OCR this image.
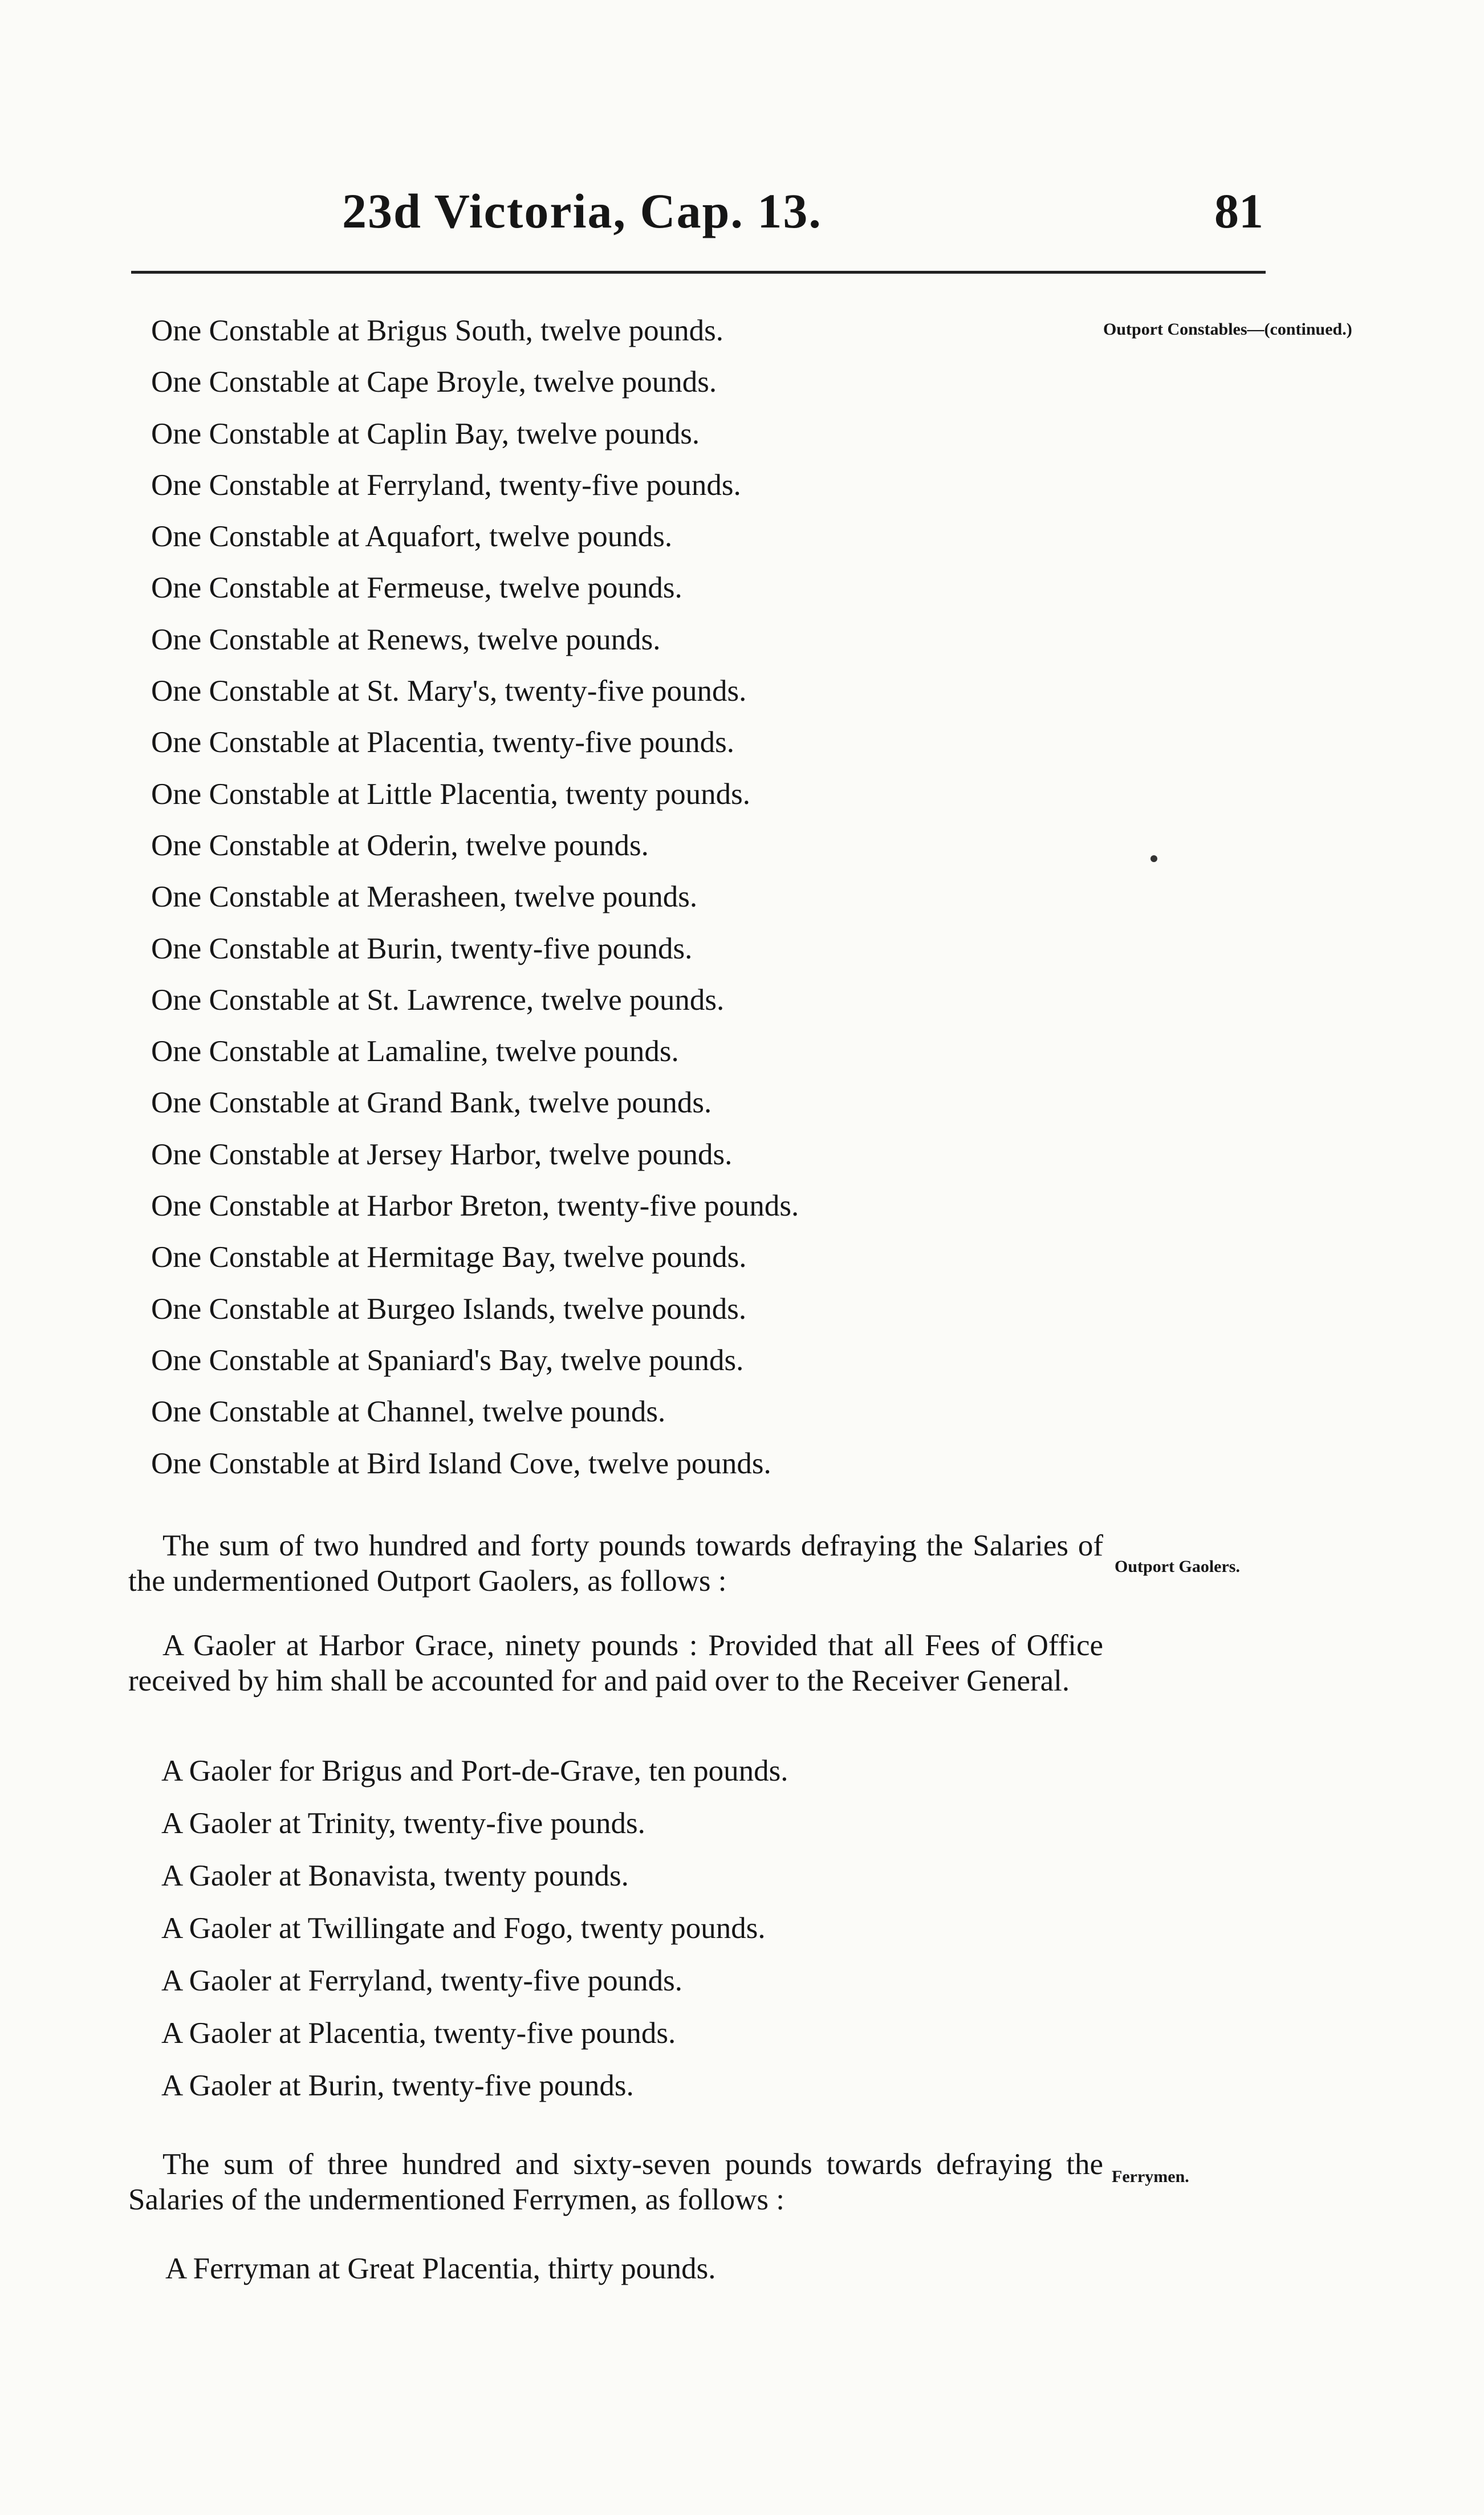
23d Victoria, Cap. 13.	81
Outport Constables—(continued.)
One Constable at Brigus South, twelve pounds.
One Constable at Cape Broyle, twelve pounds.
One Constable at Caplin Bay, twelve pounds.
One Constable at Ferryland, twenty-five pounds.
One Constable at Aquafort, twelve pounds.
One Constable at Fermeuse, twelve pounds.
One Constable at Renews, twelve pounds.
One Constable at St. Mary's, twenty-five pounds.
One Constable at Placentia, twenty-five pounds.
One Constable at Little Placentia, twenty pounds.
One Constable at Oderin, twelve pounds.
One Constable at Merasheen, twelve pounds.
One Constable at Burin, twenty-five pounds.
One Constable at St. Lawrence, twelve pounds.
One Constable at Lamaline, twelve pounds.
One Constable at Grand Bank, twelve pounds.
One Constable at Jersey Harbor, twelve pounds.
One Constable at Harbor Breton, twenty-five pounds.
One Constable at Hermitage Bay, twelve pounds.
One Constable at Burgeo Islands, twelve pounds.
One Constable at Spaniard's Bay, twelve pounds.
One Constable at Channel, twelve pounds.
One Constable at Bird Island Cove, twelve pounds.

The sum of two hundred and forty pounds towards defraying the Salaries of the undermentioned Outport Gaolers, as follows :	Outport Gaolers.

A Gaoler at Harbor Grace, ninety pounds : Provided that all Fees of Office received by him shall be accounted for and paid over to the Receiver General.

A Gaoler for Brigus and Port-de-Grave, ten pounds.
A Gaoler at Trinity, twenty-five pounds.
A Gaoler at Bonavista, twenty pounds.
A Gaoler at Twillingate and Fogo, twenty pounds.
A Gaoler at Ferryland, twenty-five pounds.
A Gaoler at Placentia, twenty-five pounds.
A Gaoler at Burin, twenty-five pounds.

The sum of three hundred and sixty-seven pounds towards defraying the Salaries of the undermentioned Ferrymen, as follows :

Ferrymen.
A Ferryman at Great Placentia, thirty pounds.
